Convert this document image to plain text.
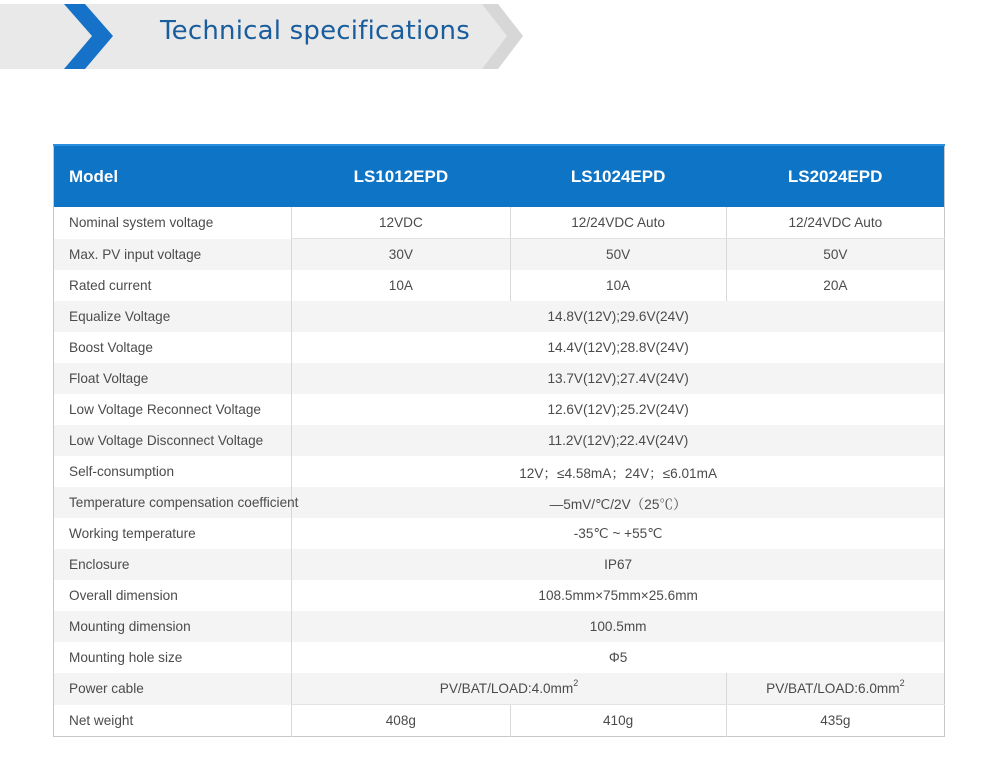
Technical specifications
Model	LS1012EPD	LS1024EPD	LS2024EPD
Nominal system voltage	12VDC	12/24VDC Auto	12/24VDC Auto
Max. PV input voltage	30V	50V	50V
Rated current	10A	10A	20A
Equalize Voltage	14.8V(12V);29.6V(24V)		
Boost Voltage	14.4V(12V);28.8V(24V)		
Float Voltage	13.7V(12V);27.4V(24V)		
Low Voltage Reconnect Voltage	12.6V(12V);25.2V(24V)		
Low Voltage Disconnect Voltage	11.2V(12V);22.4V(24V)		
Self-consumption	12V；≤4.58mA；24V；≤6.01mA		
Temperature compensation coefficient	—5mV/℃/2V（25℃）		
Working temperature	-35℃ ~ +55℃		
Enclosure	IP67		
Overall dimension	108.5mm×75mm×25.6mm		
Mounting dimension	100.5mm		
Mounting hole size	Φ5		
Power cable	$PV/BAT/LOAD:4.0mm^2$		$PV/BAT/LOAD:6.0mm^2$
Net weight	408g	410g	435g
